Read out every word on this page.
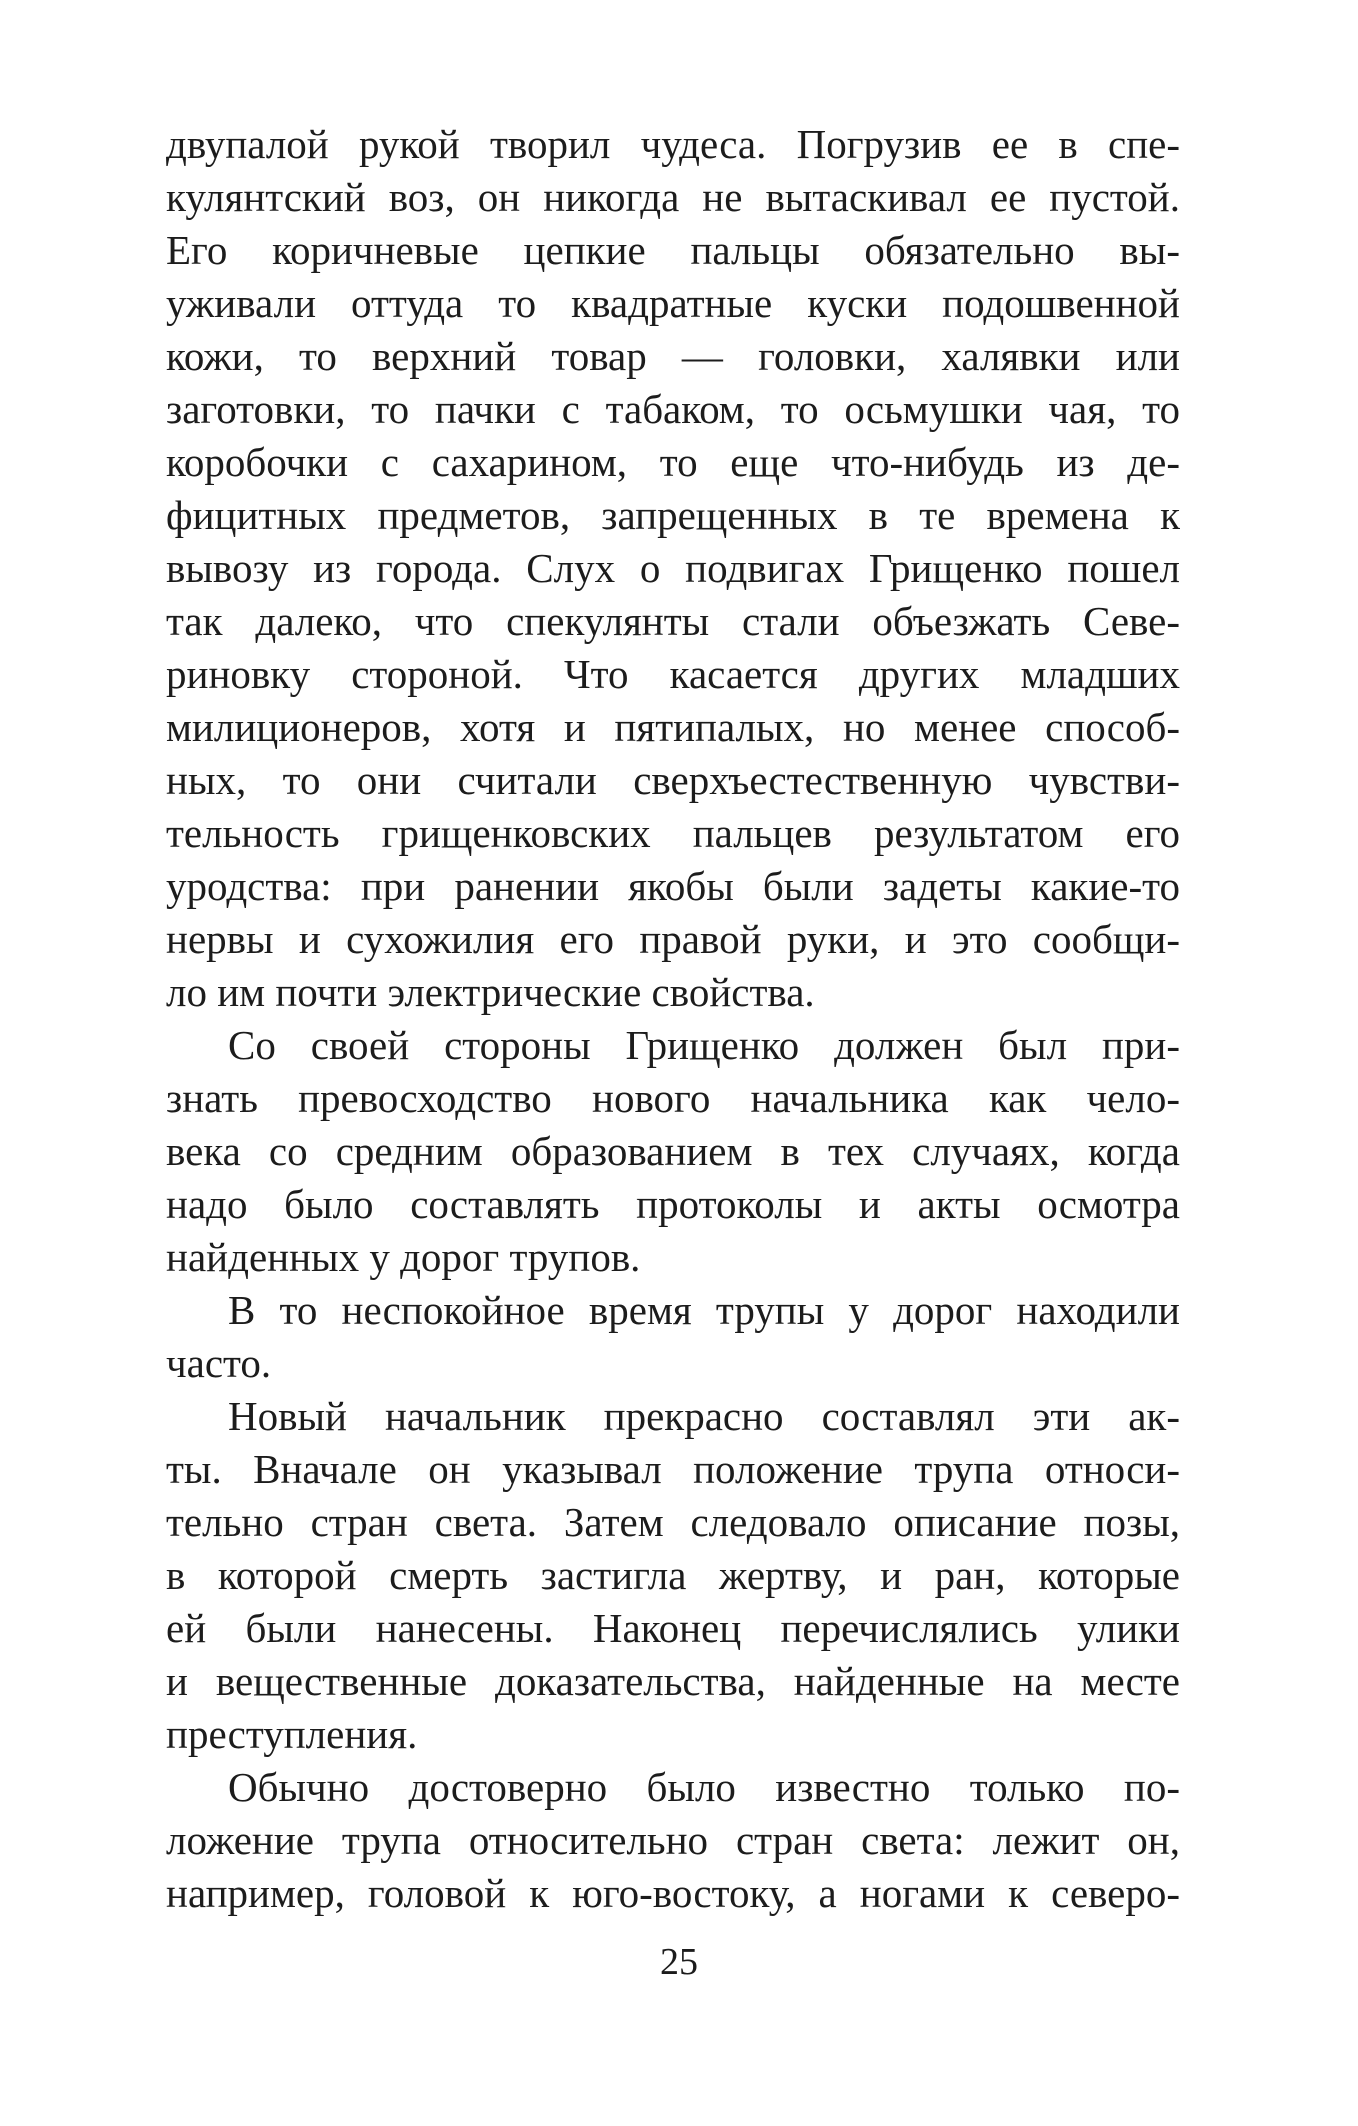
двупалой рукой творил чудеса. Погрузив ее в спе-
кулянтский воз, он никогда не вытаскивал ее пустой.
Его коричневые цепкие пальцы обязательно вы-
уживали оттуда то квадратные куски подошвенной
кожи, то верхний товар — головки, халявки или
заготовки, то пачки с табаком, то осьмушки чая, то
коробочки с сахарином, то еще что-нибудь из де-
фицитных предметов, запрещенных в те времена к
вывозу из города. Слух о подвигах Грищенко пошел
так далеко, что спекулянты стали объезжать Севе-
риновку стороной. Что касается других младших
милиционеров, хотя и пятипалых, но менее способ-
ных, то они считали сверхъестественную чувстви-
тельность грищенковских пальцев результатом его
уродства: при ранении якобы были задеты какие-то
нервы и сухожилия его правой руки, и это сообщи-
ло им почти электрические свойства.
Со своей стороны Грищенко должен был при-
знать превосходство нового начальника как чело-
века со средним образованием в тех случаях, когда
надо было составлять протоколы и акты осмотра
найденных у дорог трупов.
В то неспокойное время трупы у дорог находили
часто.
Новый начальник прекрасно составлял эти ак-
ты. Вначале он указывал положение трупа относи-
тельно стран света. Затем следовало описание позы,
в которой смерть застигла жертву, и ран, которые
ей были нанесены. Наконец перечислялись улики
и вещественные доказательства, найденные на месте
преступления.
Обычно достоверно было известно только по-
ложение трупа относительно стран света: лежит он,
например, головой к юго-востоку, а ногами к северо-
25
